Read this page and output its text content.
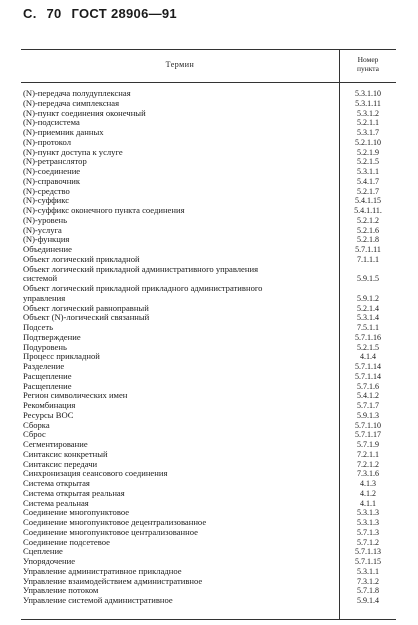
С. 70 ГОСТ 28906—91
Термин
Номер
пункта
(N)-передача полудуплексная	5.3.1.10
(N)-передача симплексная	5.3.1.11
(N)-пункт соединения оконечный	5.3.1.2
(N)-подсистема	5.2.1.1
(N)-приемник данных	5.3.1.7
(N)-протокол	5.2.1.10
(N)-пункт доступа к услуге	5.2.1.9
(N)-ретранслятор	5.2.1.5
(N)-соединение	5.3.1.1
(N)-справочник	5.4.1.7
(N)-средство	5.2.1.7
(N)-суффикс	5.4.1.15
(N)-суффикс оконечного пункта соединения	5.4.1.11.
(N)-уровень	5.2.1.2
(N)-услуга	5.2.1.6
(N)-функция	5.2.1.8
Объединение	5.7.1.11
Объект логический прикладной	7.1.1.1
Объект логический прикладной административного управления
системой	5.9.1.5
Объект логический прикладной прикладного административного
управления	5.9.1.2
Объект логический равноправный	5.2.1.4
Объект (N)-логический связанный	5.3.1.4
Подсеть	7.5.1.1
Подтверждение	5.7.1.16
Подуровень	5.2.1.5
Процесс прикладной	4.1.4
Разделение	5.7.1.14
Расщепление	5.7.1.14
Расщепление	5.7.1.6
Регион символических имен	5.4.1.2
Рекомбинация	5.7.1.7
Ресурсы ВОС	5.9.1.3
Сборка	5.7.1.10
Сброс	5.7.1.17
Сегментирование	5.7.1.9
Синтаксис конкретный	7.2.1.1
Синтаксис передачи	7.2.1.2
Синхронизация сеансового соединения	7.3.1.6
Система открытая	4.1.3
Система открытая реальная	4.1.2
Система реальная	4.1.1
Соединение многопунктовое	5.3.1.3
Соединение многопунктовое децентрализованное	5.3.1.3
Соединение многопунктовое централизованное	5.7.1.3
Соединение подсетевое	5.7.1.2
Сцепление	5.7.1.13
Упорядочение	5.7.1.15
Управление административное прикладное	5.3.1.1
Управление взаимодействием административное	7.3.1.2
Управление потоком	5.7.1.8
Управление системой административное	5.9.1.4
